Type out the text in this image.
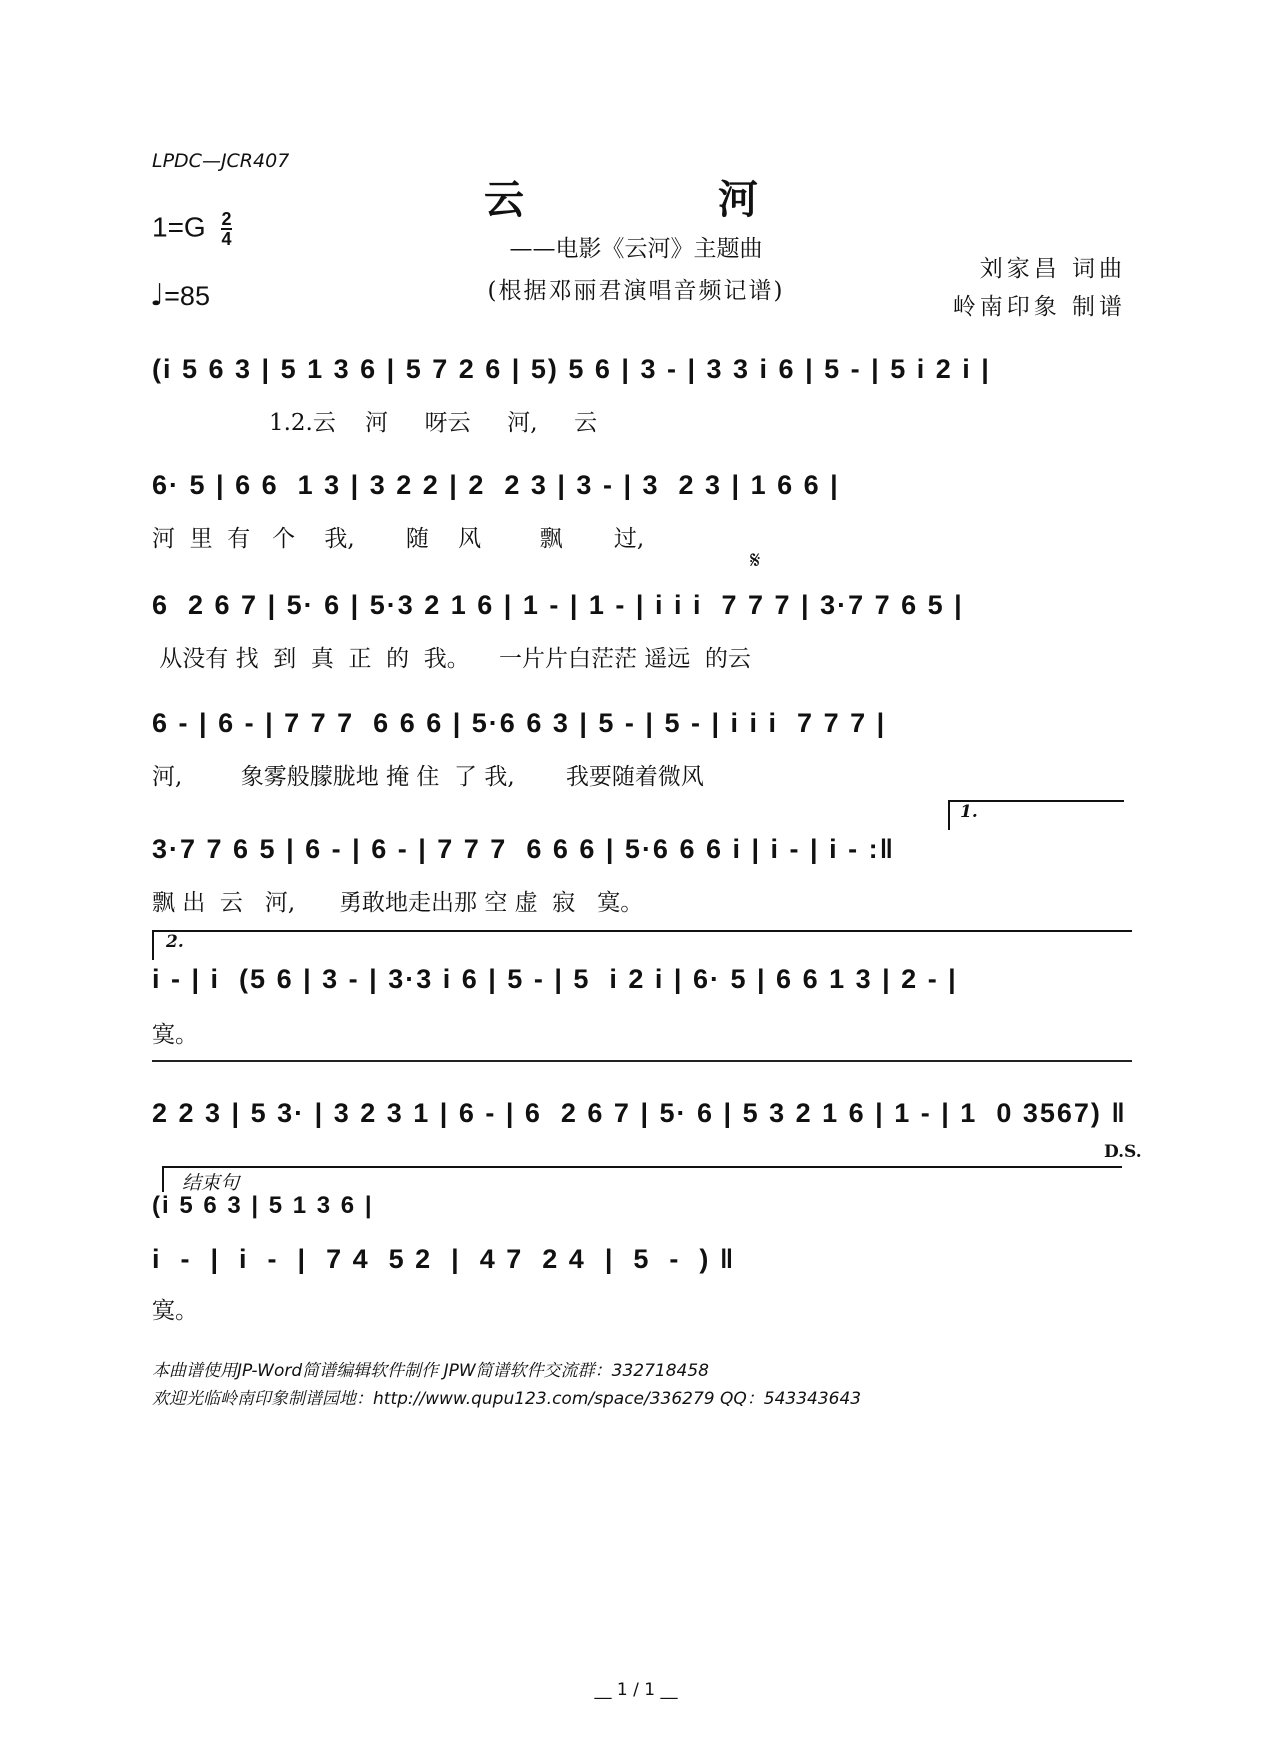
LPDC—JCR407
云 河
——电影《云河》主题曲
(根据邓丽君演唱音频记谱)
$1=G \frac{2}{4}$
♩=85
刘家昌 词曲
岭南印象 制谱
(i 5 6 3 | 5 1 3 6 | 5 7 2 6 | 5) 5 6 | 3 - | 3 3 i 6 | 5 - | 5 i 2 i |
1.2.云    河     呀云     河,     云
6· 5 | 6 6  1 3 | 3 2 2 | 2  2 3 | 3 - | 3  2 3 | 1 6 6 |
河  里  有   个    我,       随    风        飘       过,
𝄋
6  2 6 7 | 5· 6 | 5·3 2 1 6 | 1 - | 1 - | i i i  7 7 7 | 3·7 7 6 5 |
从没有 找  到  真  正  的  我。    一片片白茫茫 遥远  的云
6 - | 6 - | 7 7 7  6 6 6 | 5·6 6 3 | 5 - | 5 - | i i i  7 7 7 |
河,        象雾般朦胧地 掩 住  了 我,       我要随着微风
1.
3·7 7 6 5 | 6 - | 6 - | 7 7 7  6 6 6 | 5·6 6 6 i | i - | i - :‖
飘 出  云   河,      勇敢地走出那 空 虚  寂   寞。
2.
i - | i  (5 6 | 3 - | 3·3 i 6 | 5 - | 5  i 2 i | 6· 5 | 6 6 1 3 | 2 - |
寞。
2 2 3 | 5 3· | 3 2 3 1 | 6 - | 6  2 6 7 | 5· 6 | 5 3 2 1 6 | 1 - | 1  0 3567) ‖
D.S.
结束句
(i 5 6 3 | 5 1 3 6 |
i  -  |  i  -  |  7 4  5 2  |  4 7  2 4  |  5  -  ) ‖
寞。
本曲谱使用JP-Word简谱编辑软件制作 JPW简谱软件交流群：332718458
欢迎光临岭南印象制谱园地：http://www.qupu123.com/space/336279 QQ：543343643
__ 1 / 1 __
